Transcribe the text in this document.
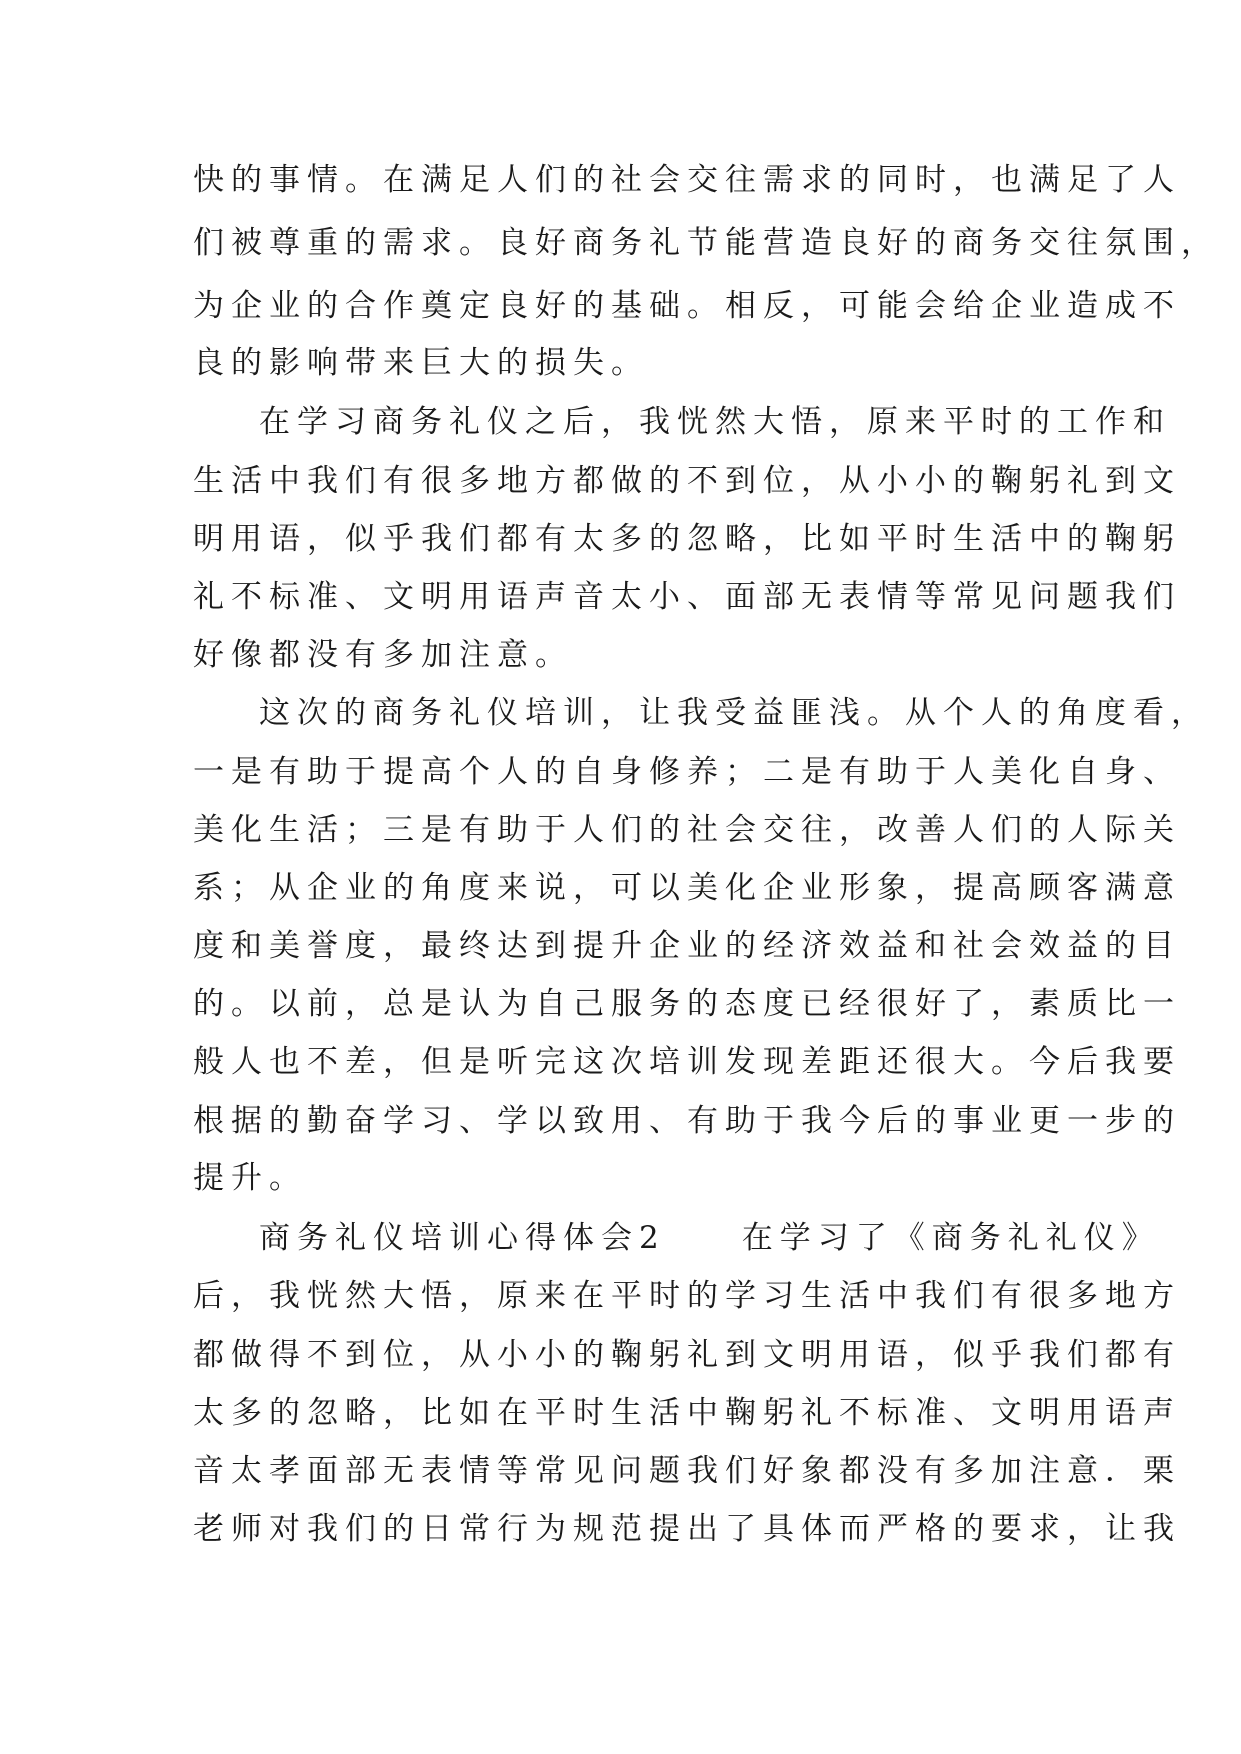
快的事情。在满足人们的社会交往需求的同时，也满足了人
们被尊重的需求。良好商务礼节能营造良好的商务交往氛围，
为企业的合作奠定良好的基础。相反，可能会给企业造成不
良的影响带来巨大的损失。
在学习商务礼仪之后，我恍然大悟，原来平时的工作和
生活中我们有很多地方都做的不到位，从小小的鞠躬礼到文
明用语，似乎我们都有太多的忽略，比如平时生活中的鞠躬
礼不标准、文明用语声音太小、面部无表情等常见问题我们
好像都没有多加注意。
这次的商务礼仪培训，让我受益匪浅。从个人的角度看，
一是有助于提高个人的自身修养；二是有助于人美化自身、
美化生活；三是有助于人们的社会交往，改善人们的人际关
系；从企业的角度来说，可以美化企业形象，提高顾客满意
度和美誉度，最终达到提升企业的经济效益和社会效益的目
的。以前，总是认为自己服务的态度已经很好了，素质比一
般人也不差，但是听完这次培训发现差距还很大。今后我要
根据的勤奋学习、学以致用、有助于我今后的事业更一步的
提升。
商务礼仪培训心得体会2　　在学习了《商务礼礼仪》
后，我恍然大悟，原来在平时的学习生活中我们有很多地方
都做得不到位，从小小的鞠躬礼到文明用语，似乎我们都有
太多的忽略，比如在平时生活中鞠躬礼不标准、文明用语声
音太孝面部无表情等常见问题我们好象都没有多加注意．栗
老师对我们的日常行为规范提出了具体而严格的要求，让我
